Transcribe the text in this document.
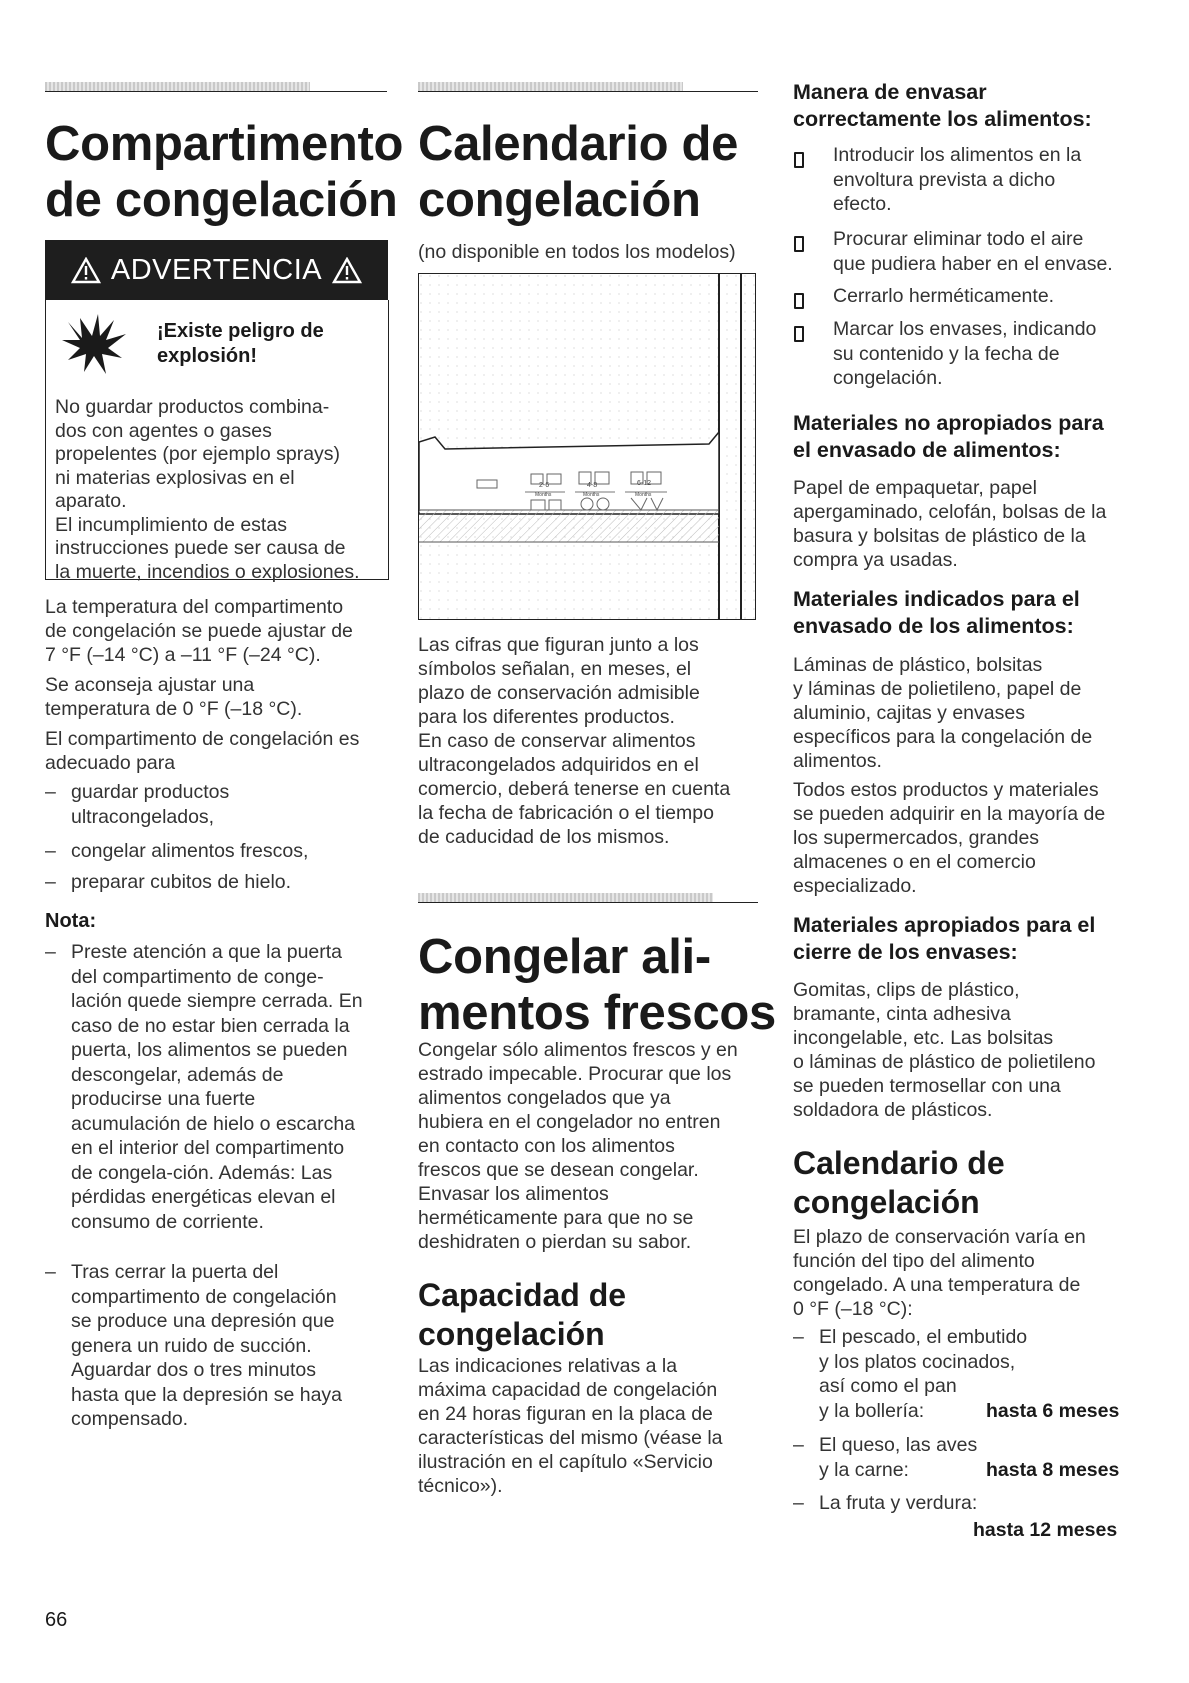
Compartimento
de congelación
ADVERTENCIA
¡Existe peligro de
explosión!
No guardar productos combina-
dos con agentes o gases
propelentes (por ejemplo sprays)
ni materias explosivas en el
aparato.
El incumplimiento de estas
instrucciones puede ser causa de
la muerte, incendios o explosiones.
La temperatura del compartimento
de congelación se puede ajustar de
7 °F (–14 °C) a –11 °F (–24 °C).
Se aconseja ajustar una
temperatura de 0 °F (–18 °C).
El compartimento de congelación es
adecuado para
– guardar productos
ultracongelados,
– congelar alimentos frescos,
– preparar cubitos de hielo.
Nota:
– Preste atención a que la puerta
del compartimento de conge-
lación quede siempre cerrada. En
caso de no estar bien cerrada la
puerta, los alimentos se pueden
descongelar, además de
producirse una fuerte
acumulación de hielo o escarcha
en el interior del compartimento
de congela-ción. Además: Las
pérdidas energéticas elevan el
consumo de corriente.
– Tras cerrar la puerta del
compartimento de congelación
se produce una depresión que
genera un ruido de succión.
Aguardar dos o tres minutos
hasta que la depresión se haya
compensado.
66
Calendario de
congelación
(no disponible en todos los modelos)
2-6
Months
4-8
Months
6-12
Months
Las cifras que figuran junto a los
símbolos señalan, en meses, el
plazo de conservación admisible
para los diferentes productos.
En caso de conservar alimentos
ultracongelados adquiridos en el
comercio, deberá tenerse en cuenta
la fecha de fabricación o el tiempo
de caducidad de los mismos.
Congelar ali-
mentos frescos
Congelar sólo alimentos frescos y en
estrado impecable. Procurar que los
alimentos congelados que ya
hubiera en el congelador no entren
en contacto con los alimentos
frescos que se desean congelar.
Envasar los alimentos
herméticamente para que no se
deshidraten o pierdan su sabor.
Capacidad de
congelación
Las indicaciones relativas a la
máxima capacidad de congelación
en 24 horas figuran en la placa de
características del mismo (véase la
ilustración en el capítulo «Servicio
técnico»).
Manera de envasar
correctamente los alimentos:
Introducir los alimentos en la
envoltura prevista a dicho
efecto.
Procurar eliminar todo el aire
que pudiera haber en el envase.
Cerrarlo herméticamente.
Marcar los envases, indicando
su contenido y la fecha de
congelación.
Materiales no apropiados para
el envasado de alimentos:
Papel de empaquetar, papel
apergaminado, celofán, bolsas de la
basura y bolsitas de plástico de la
compra ya usadas.
Materiales indicados para el
envasado de los alimentos:
Láminas de plástico, bolsitas
y láminas de polietileno, papel de
aluminio, cajitas y envases
específicos para la congelación de
alimentos.
Todos estos productos y materiales
se pueden adquirir en la mayoría de
los supermercados, grandes
almacenes o en el comercio
especializado.
Materiales apropiados para el
cierre de los envases:
Gomitas, clips de plástico,
bramante, cinta adhesiva
incongelable, etc. Las bolsitas
o láminas de plástico de polietileno
se pueden termosellar con una
soldadora de plásticos.
Calendario de
congelación
El plazo de conservación varía en
función del tipo del alimento
congelado. A una temperatura de
0 °F (–18 °C):
– El pescado, el embutido
y los platos cocinados,
así como el pan
y la bollería:	hasta 6 meses
– El queso, las aves
y la carne:	hasta 8 meses
– La fruta y verdura:
hasta 12 meses
